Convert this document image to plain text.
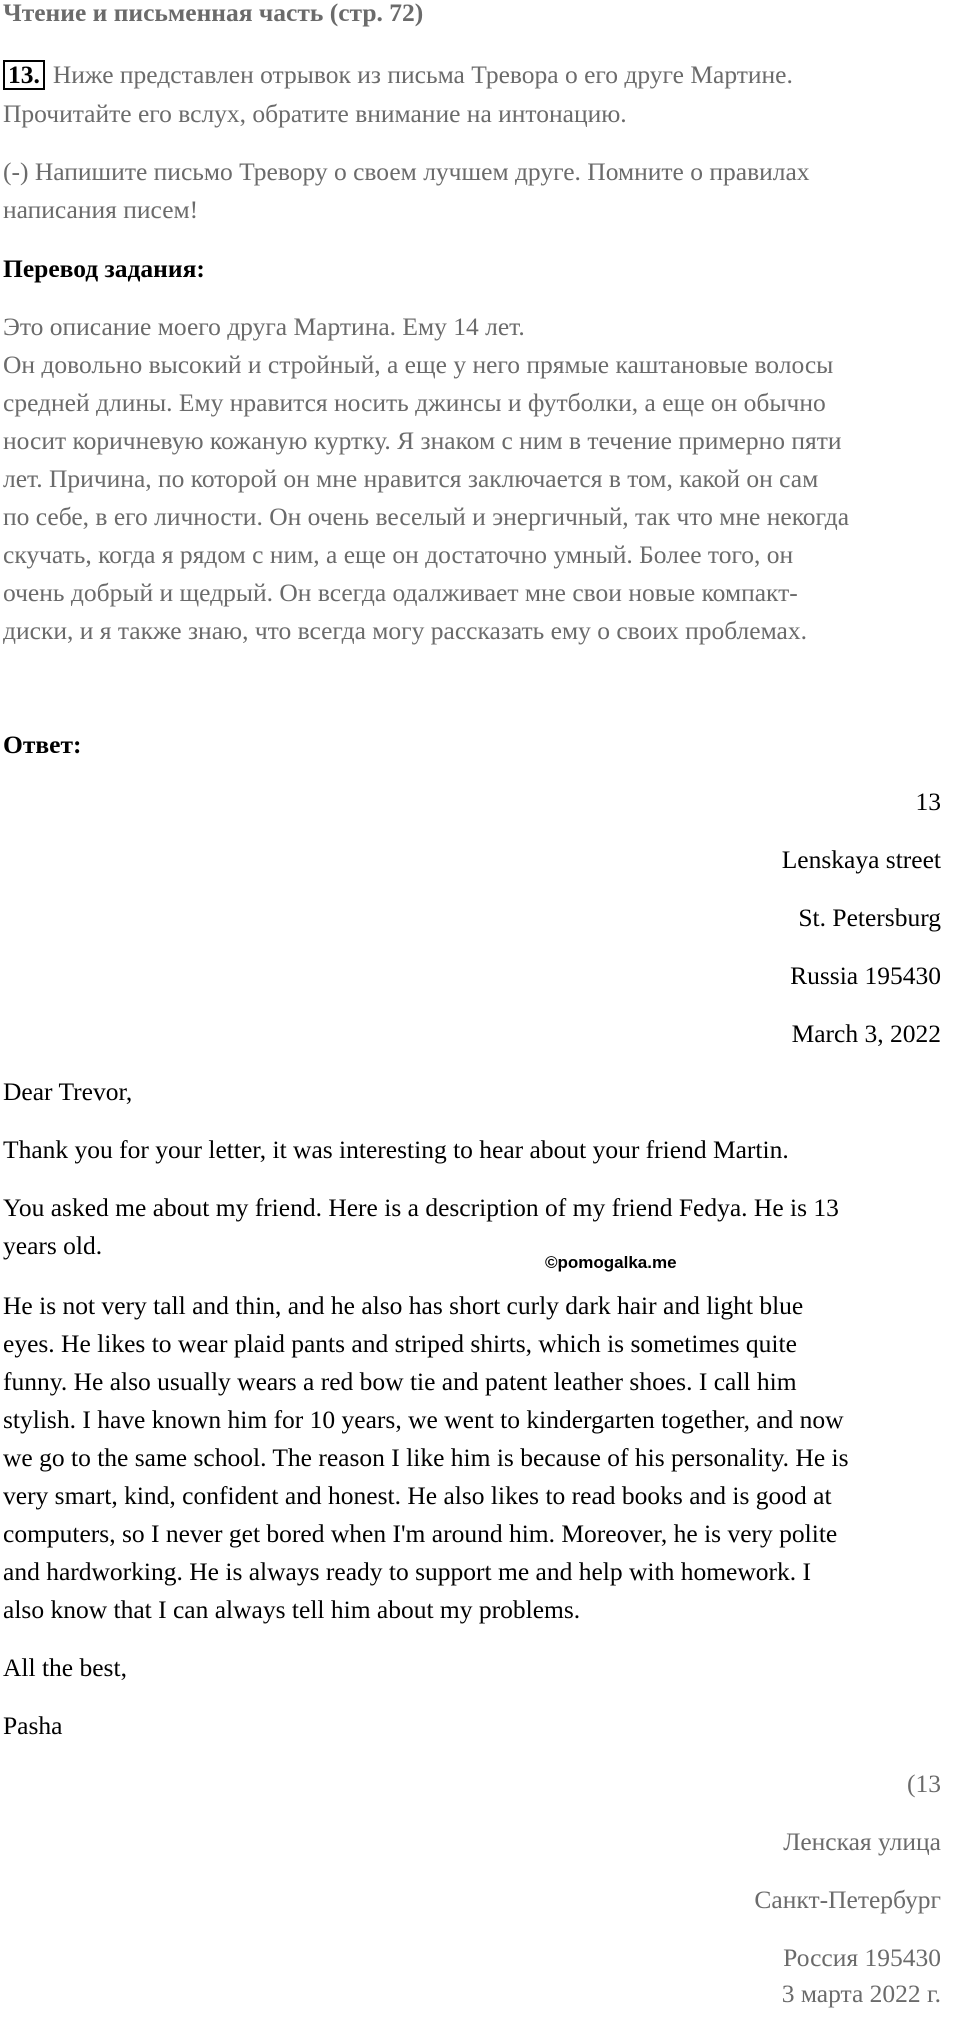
Чтение и письменная часть (стр. 72)
13. Ниже представлен отрывок из письма Тревора о его друге Мартине.
Прочитайте его вслух, обратите внимание на интонацию.
(-) Напишите письмо Тревору о своем лучшем друге. Помните о правилах
написания писем!
Перевод задания:
Это описание моего друга Мартина. Ему 14 лет.
Он довольно высокий и стройный, а еще у него прямые каштановые волосы
средней длины. Ему нравится носить джинсы и футболки, а еще он обычно
носит коричневую кожаную куртку. Я знаком с ним в течение примерно пяти
лет. Причина, по которой он мне нравится заключается в том, какой он сам
по себе, в его личности. Он очень веселый и энергичный, так что мне некогда
скучать, когда я рядом с ним, а еще он достаточно умный. Более того, он
очень добрый и щедрый. Он всегда одалживает мне свои новые компакт-
диски, и я также знаю, что всегда могу рассказать ему о своих проблемах.
Ответ:
13
Lenskaya street
St. Petersburg
Russia 195430
March 3, 2022
Dear Trevor,
Thank you for your letter, it was interesting to hear about your friend Martin.
You asked me about my friend. Here is a description of my friend Fedya. He is 13
years old.
©pomogalka.me
He is not very tall and thin, and he also has short curly dark hair and light blue
eyes. He likes to wear plaid pants and striped shirts, which is sometimes quite
funny. He also usually wears a red bow tie and patent leather shoes. I call him
stylish. I have known him for 10 years, we went to kindergarten together, and now
we go to the same school. The reason I like him is because of his personality. He is
very smart, kind, confident and honest. He also likes to read books and is good at
computers, so I never get bored when I'm around him. Moreover, he is very polite
and hardworking. He is always ready to support me and help with homework. I
also know that I can always tell him about my problems.
All the best,
Pasha
(13
Ленская улица
Санкт-Петербург
Россия 195430
3 марта 2022 г.
